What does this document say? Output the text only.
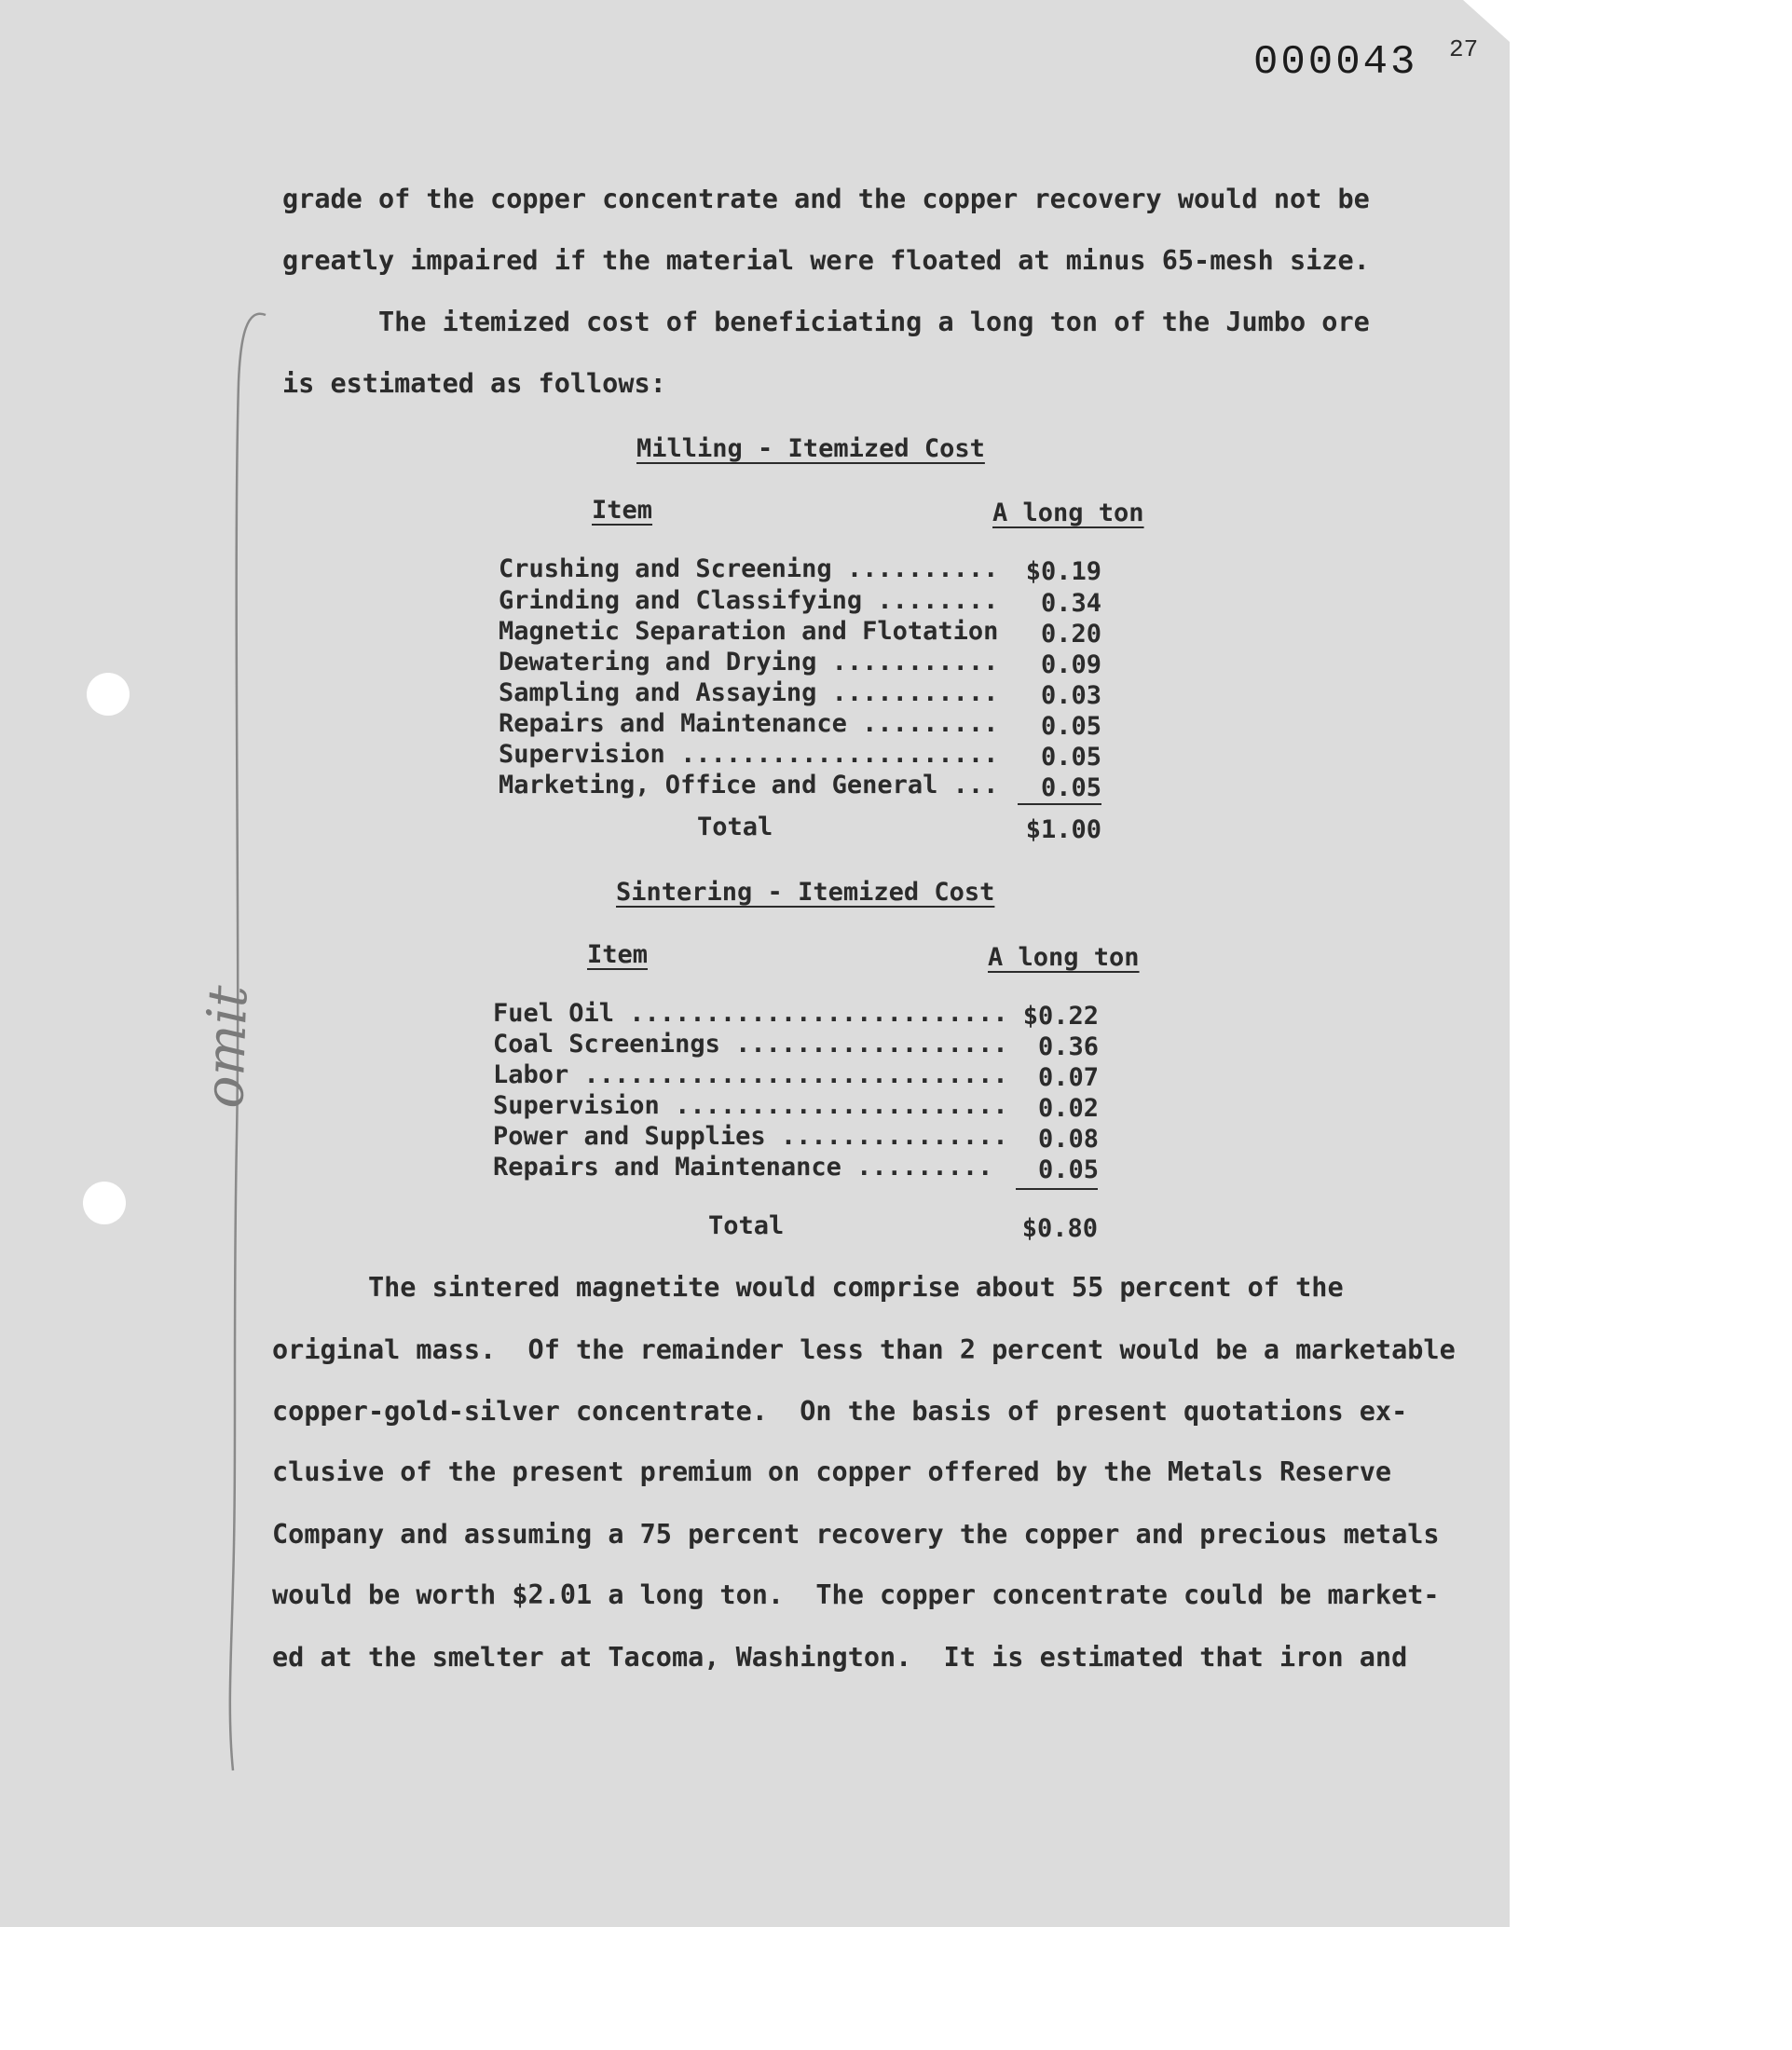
000043 27
grade of the copper concentrate and the copper recovery would not be
greatly impaired if the material were floated at minus 65-mesh size.
The itemized cost of beneficiating a long ton of the Jumbo ore
is estimated as follows:
Milling - Itemized Cost
Item	A long ton
Crushing and Screening ..........	$0.19
Grinding and Classifying ........	0.34
Magnetic Separation and Flotation	0.20
Dewatering and Drying ...........	0.09
Sampling and Assaying ...........	0.03
Repairs and Maintenance .........	0.05
Supervision .....................	0.05
Marketing, Office and General ...	0.05
Total	$1.00
Sintering - Itemized Cost
Item	A long ton
Fuel Oil ......................... $0.22
Coal Screenings ..................	0.36
Labor ............................	0.07
Supervision ......................	0.02
Power and Supplies ...............	0.08
Repairs and Maintenance .........	0.05
Total	$0.80
The sintered magnetite would comprise about 55 percent of the
original mass.  Of the remainder less than 2 percent would be a marketable
copper-gold-silver concentrate.  On the basis of present quotations ex-
clusive of the present premium on copper offered by the Metals Reserve
Company and assuming a 75 percent recovery the copper and precious metals
would be worth $2.01 a long ton.  The copper concentrate could be market-
ed at the smelter at Tacoma, Washington.  It is estimated that iron and
omit
